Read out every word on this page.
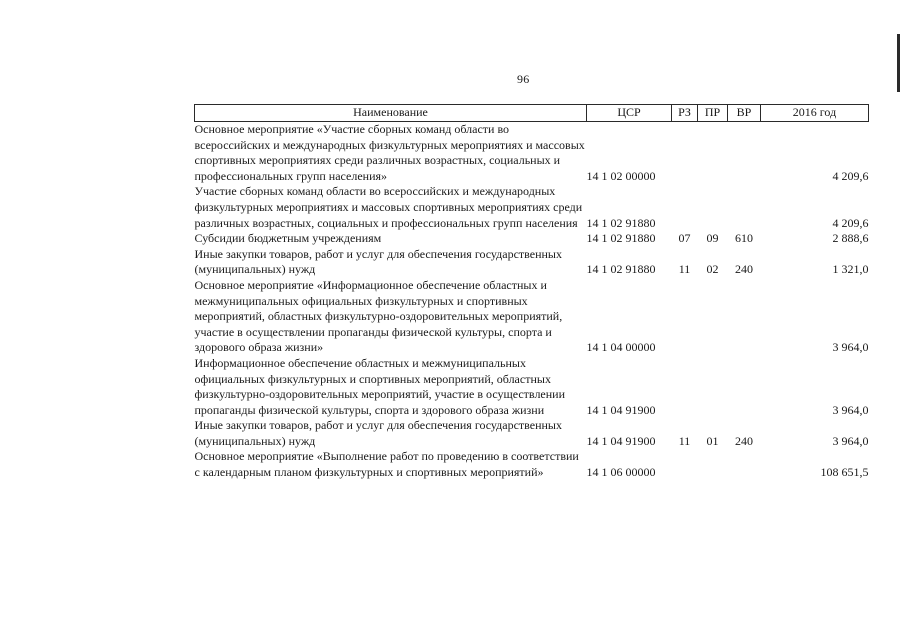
96
Наименование	ЦСР	РЗ	ПР	ВР	2016 год
Основное мероприятие «Участие сборных команд области во всероссийских и международных физкультурных мероприятиях и массовых спортивных мероприятиях среди различных возрастных, социальных и профессиональных групп населения»	14 1 02 00000				4 209,6
Участие сборных команд области во всероссийских и международных физкультурных мероприятиях и массовых спортивных мероприятиях среди различных возрастных, социальных и профессиональных групп населения	14 1 02 91880				4 209,6
Субсидии бюджетным учреждениям	14 1 02 91880	07	09	610	2 888,6
Иные закупки товаров, работ и услуг для обеспечения государственных (муниципальных) нужд	14 1 02 91880	11	02	240	1 321,0
Основное мероприятие «Информационное обеспечение областных и межмуниципальных официальных физкультурных и спортивных мероприятий, областных физкультурно-оздоровительных мероприятий, участие в осуществлении пропаганды физической культуры, спорта и здорового образа жизни»	14 1 04 00000				3 964,0
Информационное обеспечение областных и межмуниципальных официальных физкультурных и спортивных мероприятий, областных физкультурно-оздоровительных мероприятий, участие в осуществлении пропаганды физической культуры, спорта и здорового образа жизни	14 1 04 91900				3 964,0
Иные закупки товаров, работ и услуг для обеспечения государственных (муниципальных) нужд	14 1 04 91900	11	01	240	3 964,0
Основное мероприятие «Выполнение работ по проведению в соответствии с календарным планом физкультурных и спортивных мероприятий»	14 1 06 00000				108 651,5
